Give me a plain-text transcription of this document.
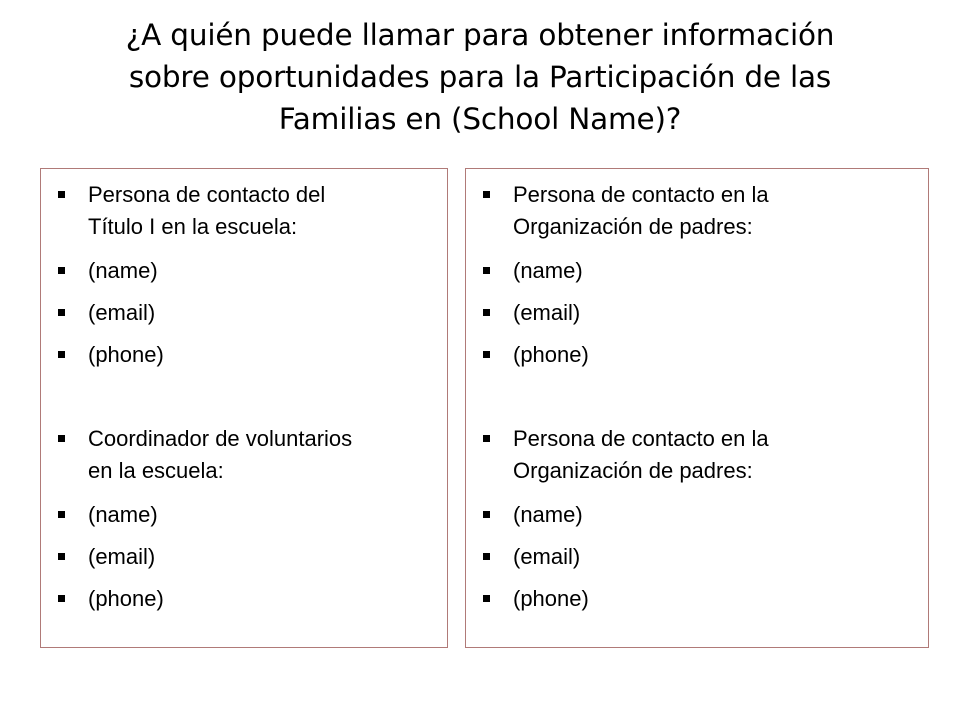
¿A quién puede llamar para obtener información
sobre oportunidades para la Participación de las
Familias en (School Name)?
Persona de contacto del
Título I en la escuela:
(name)
(email)
(phone)
Coordinador de voluntarios
en la escuela:
(name)
(email)
(phone)
Persona de contacto en la
Organización de padres:
(name)
(email)
(phone)
Persona de contacto en la
Organización de padres:
(name)
(email)
(phone)
